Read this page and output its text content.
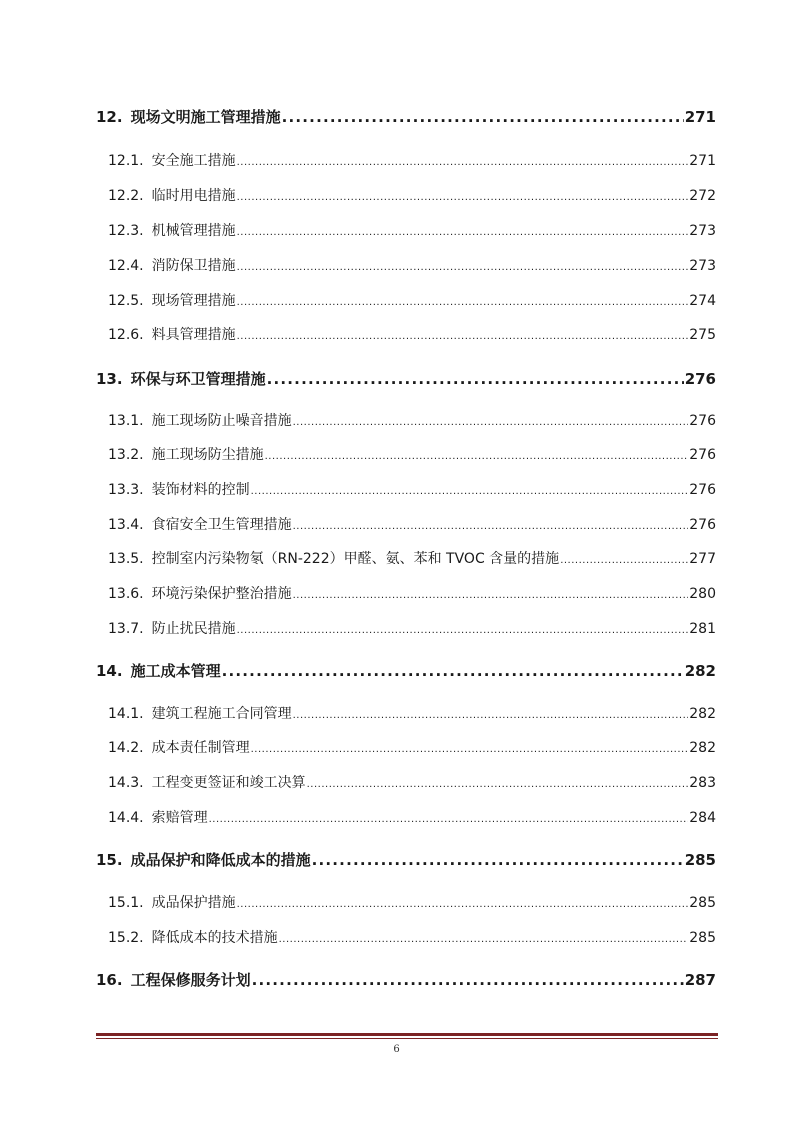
12. 现场文明施工管理措施 .....	271
12.1. 安全施工措施 .....	271
12.2. 临时用电措施 .....	272
12.3. 机械管理措施 .....	273
12.4. 消防保卫措施 .....	273
12.5. 现场管理措施 .....	274
12.6. 料具管理措施 .....	275
13. 环保与环卫管理措施 .....	276
13.1. 施工现场防止噪音措施 .....	276
13.2. 施工现场防尘措施 .....	276
13.3. 装饰材料的控制 .....	276
13.4. 食宿安全卫生管理措施 .....	276
13.5. 控制室内污染物氡（RN-222）甲醛、氨、苯和 TVOC 含量的措施 .....	277
13.6. 环境污染保护整治措施 .....	280
13.7. 防止扰民措施 .....	281
14. 施工成本管理 .....	282
14.1. 建筑工程施工合同管理 .....	282
14.2. 成本责任制管理 .....	282
14.3. 工程变更签证和竣工决算 .....	283
14.4. 索赔管理 .....	284
15. 成品保护和降低成本的措施 .....	285
15.1. 成品保护措施 .....	285
15.2. 降低成本的技术措施 .....	285
16. 工程保修服务计划 .....	287
6
